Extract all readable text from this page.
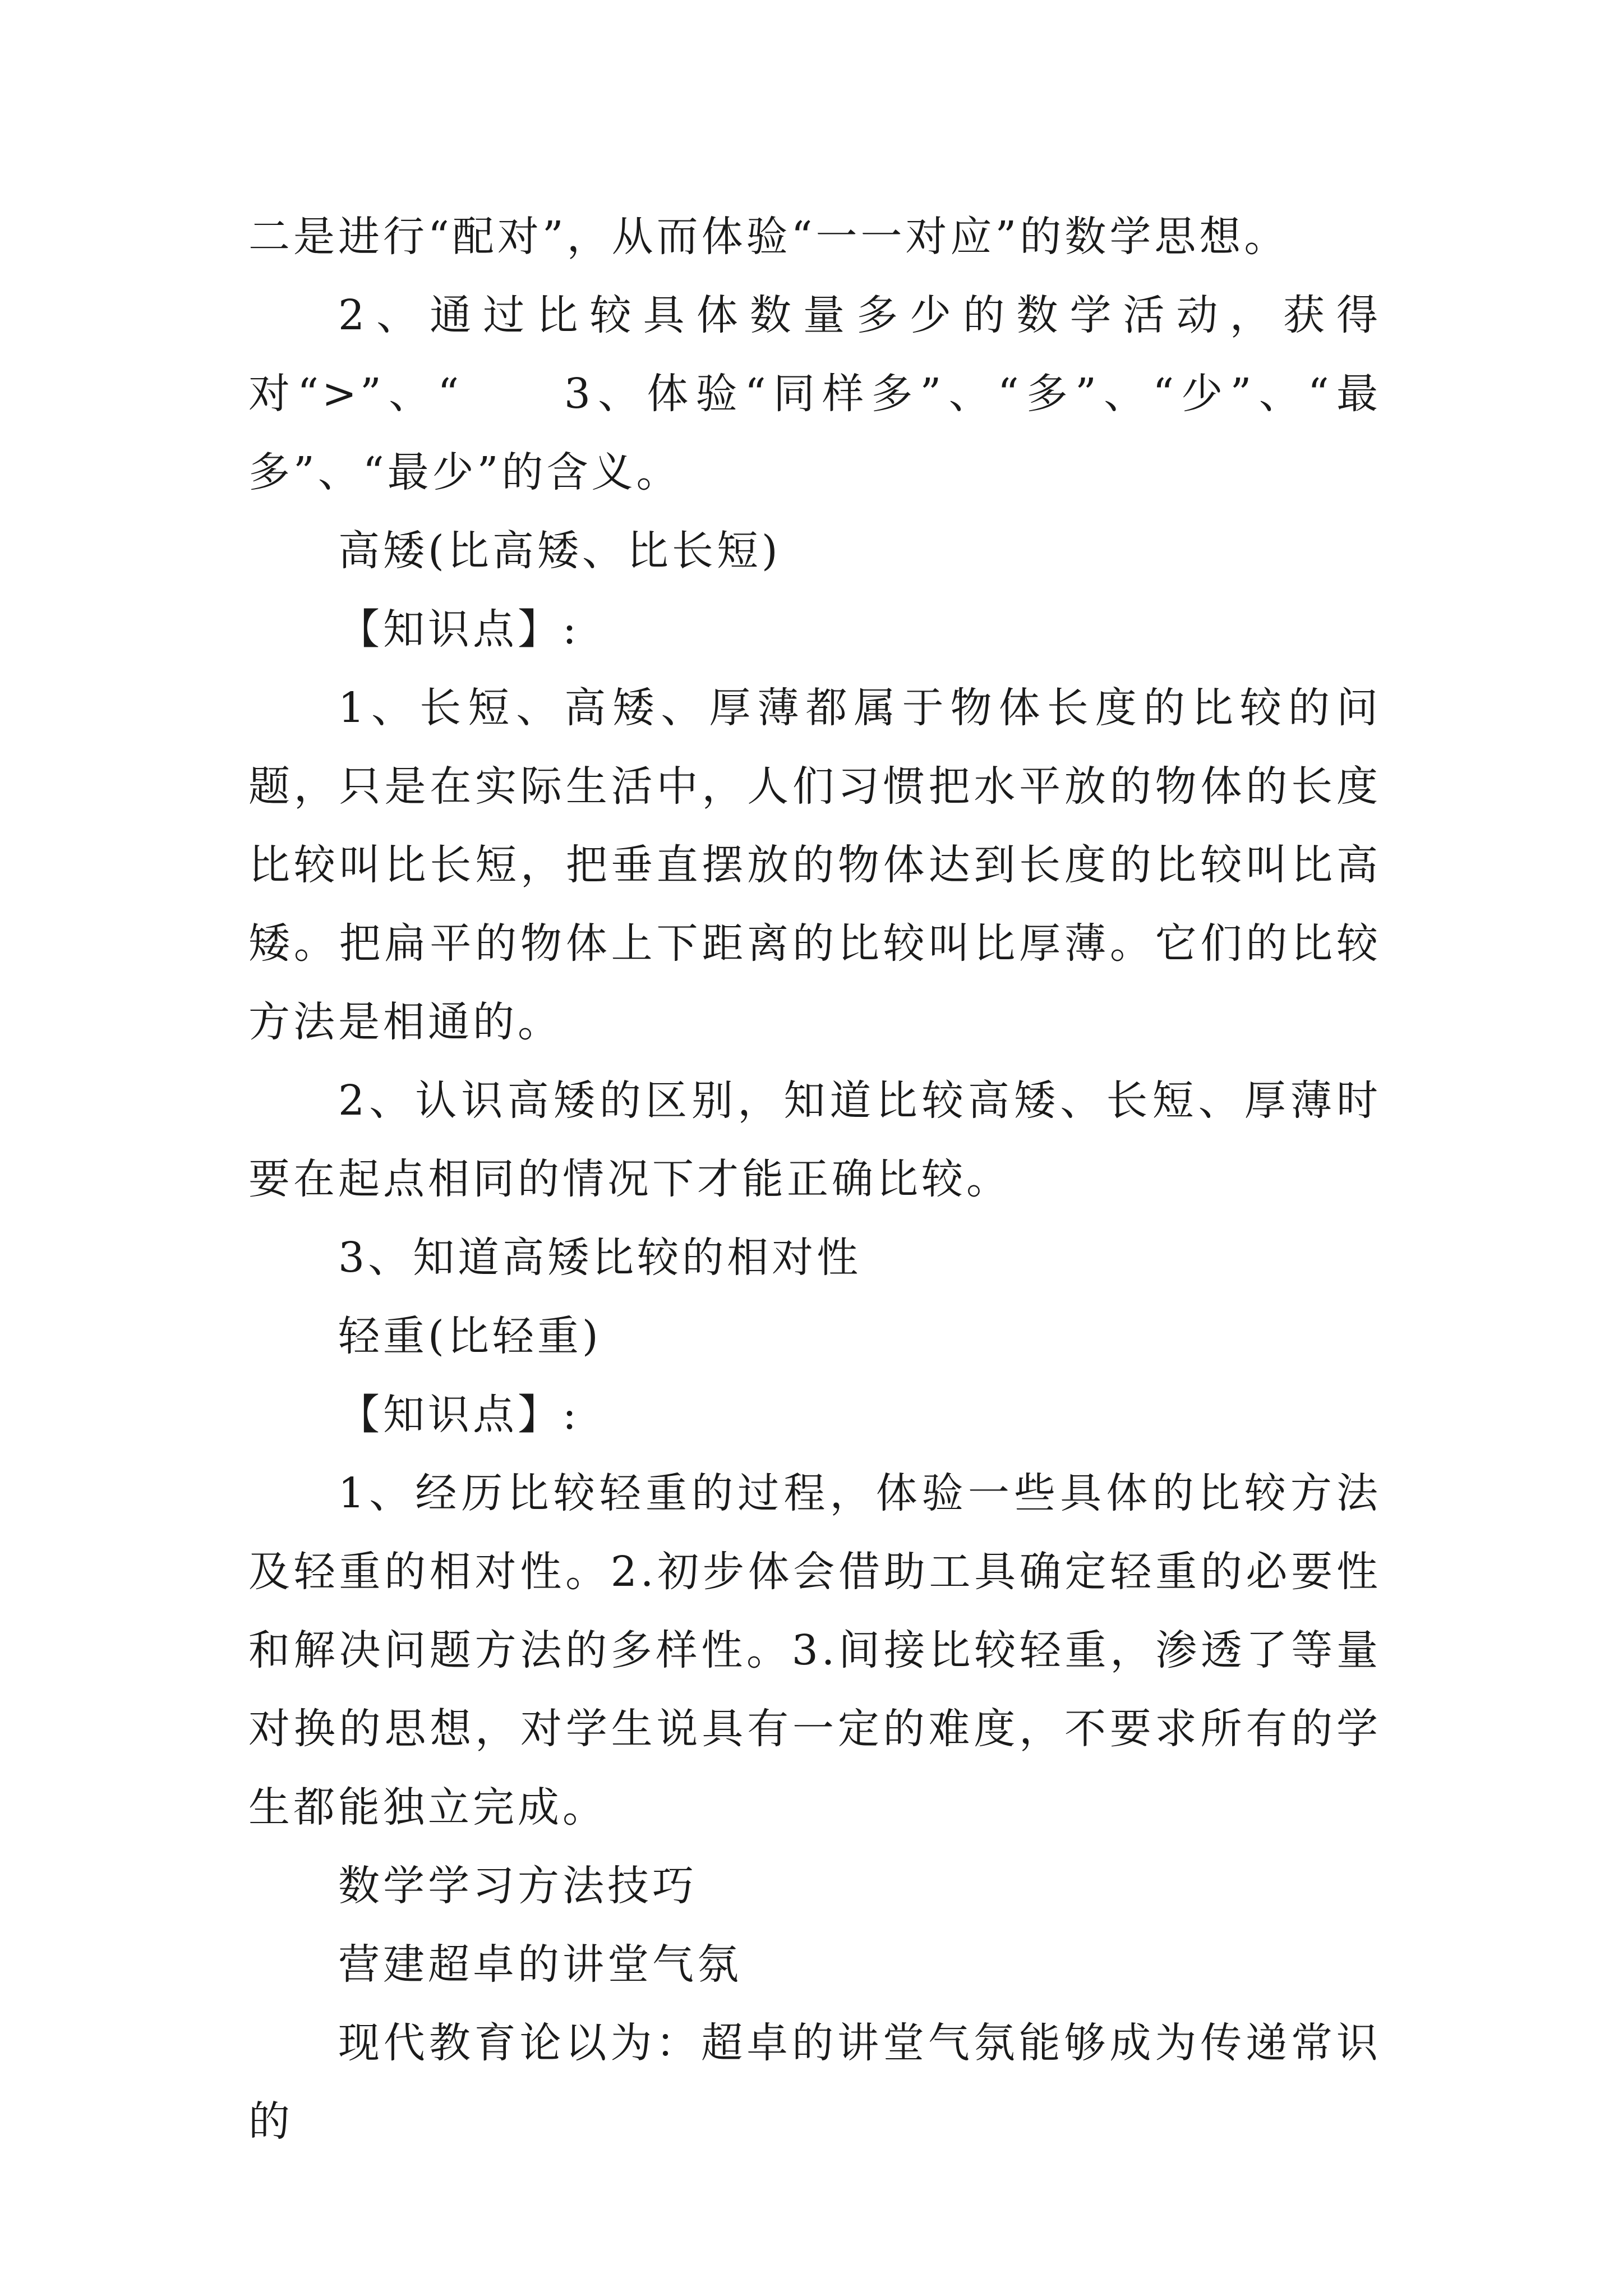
二是进行“配对”，从而体验“一一对应”的数学思想。

2、通过比较具体数量多少的数学活动，获得对“>”、“　　3、体验“同样多”、“多”、“少”、“最多”、“最少”的含义。

高矮(比高矮、比长短)

【知识点】:

1、长短、高矮、厚薄都属于物体长度的比较的问题，只是在实际生活中，人们习惯把水平放的物体的长度比较叫比长短，把垂直摆放的物体达到长度的比较叫比高矮。把扁平的物体上下距离的比较叫比厚薄。它们的比较方法是相通的。

2、认识高矮的区别，知道比较高矮、长短、厚薄时要在起点相同的情况下才能正确比较。

3、知道高矮比较的相对性

轻重(比轻重)

【知识点】:

1、经历比较轻重的过程，体验一些具体的比较方法及轻重的相对性。2.初步体会借助工具确定轻重的必要性和解决问题方法的多样性。3.间接比较轻重，渗透了等量对换的思想，对学生说具有一定的难度，不要求所有的学生都能独立完成。

数学学习方法技巧

营建超卓的讲堂气氛

现代教育论以为：超卓的讲堂气氛能够成为传递常识的
